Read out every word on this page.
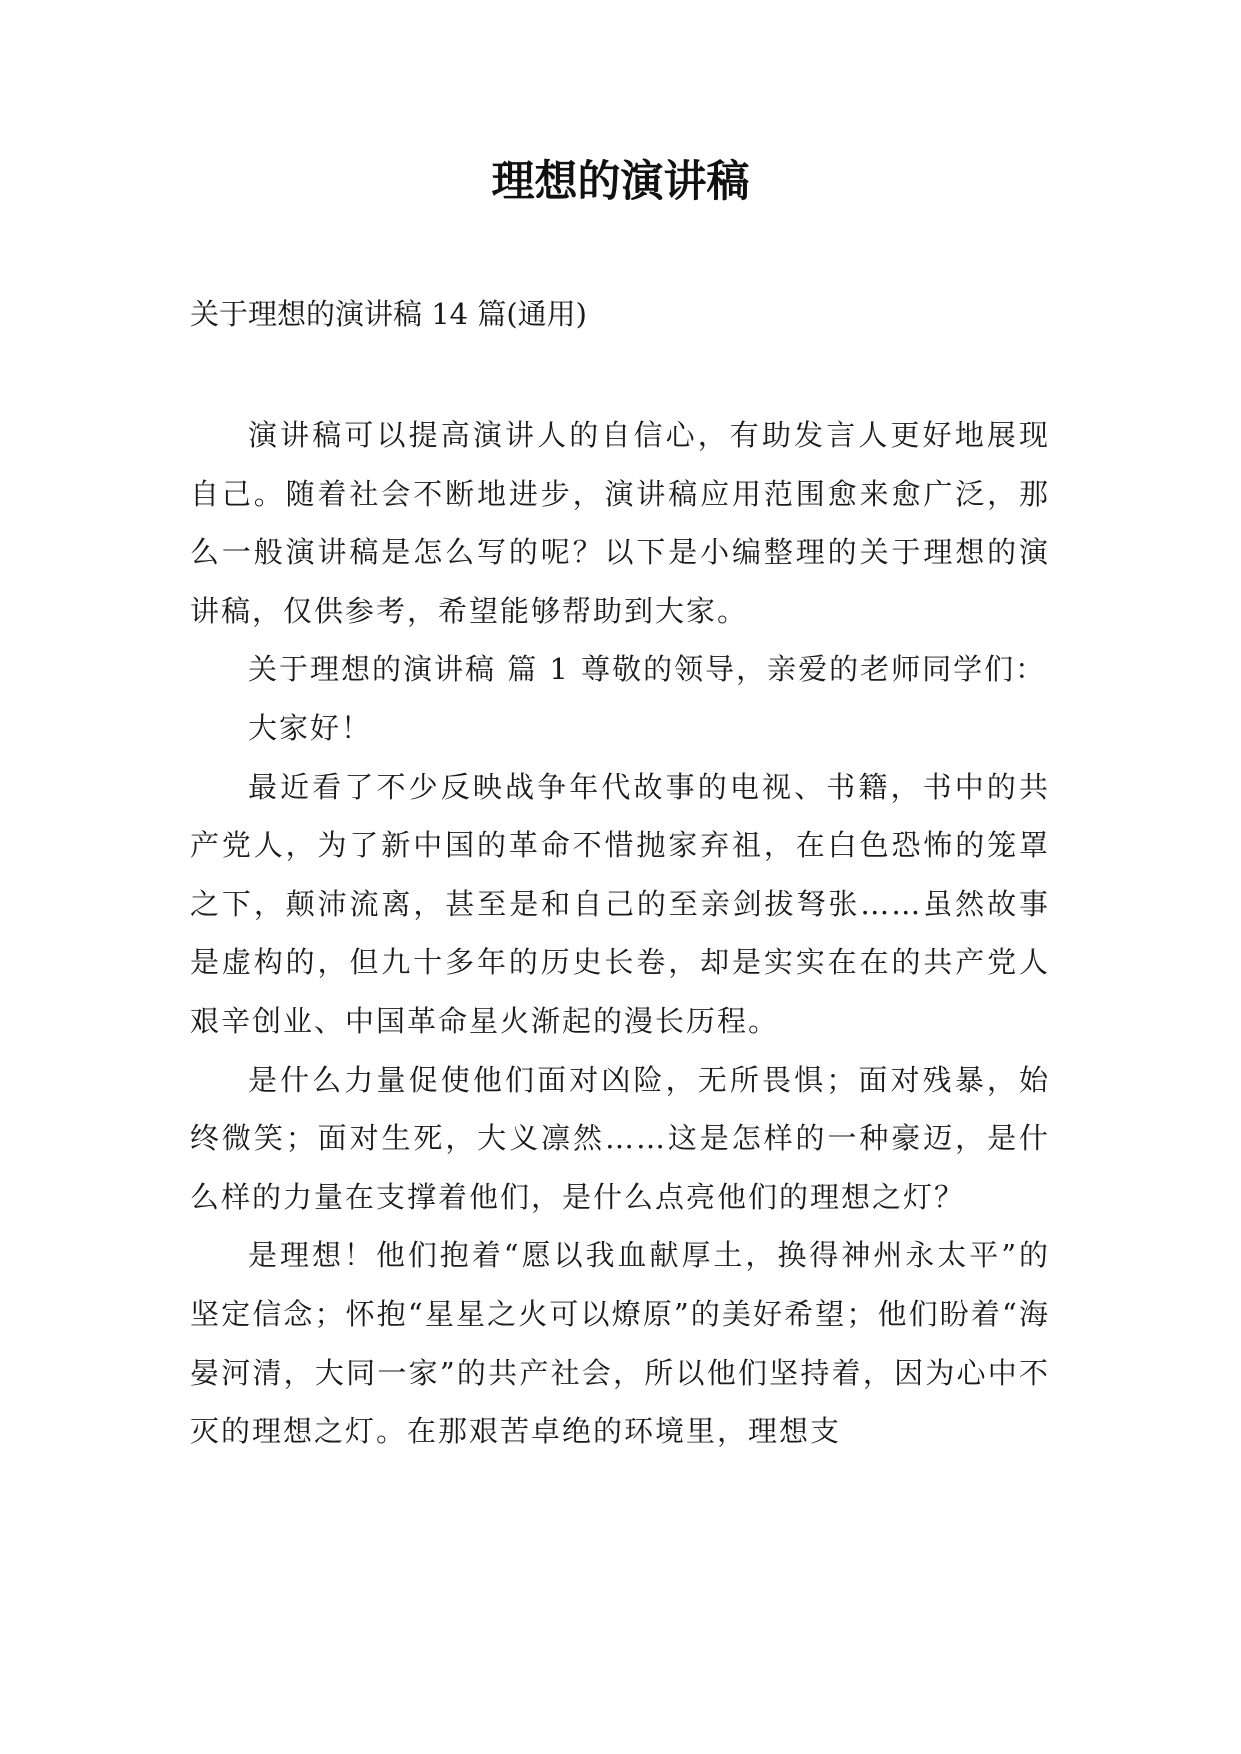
理想的演讲稿

关于理想的演讲稿 14 篇(通用)

演讲稿可以提高演讲人的自信心，有助发言人更好地展现自己。随着社会不断地进步，演讲稿应用范围愈来愈广泛，那么一般演讲稿是怎么写的呢？以下是小编整理的关于理想的演讲稿，仅供参考，希望能够帮助到大家。

关于理想的演讲稿 篇 1 尊敬的领导，亲爱的老师同学们：

大家好！

最近看了不少反映战争年代故事的电视、书籍，书中的共产党人，为了新中国的革命不惜抛家弃祖，在白色恐怖的笼罩之下，颠沛流离，甚至是和自己的至亲剑拔弩张……虽然故事是虚构的，但九十多年的历史长卷，却是实实在在的共产党人艰辛创业、中国革命星火渐起的漫长历程。

是什么力量促使他们面对凶险，无所畏惧；面对残暴，始终微笑；面对生死，大义凛然……这是怎样的一种豪迈，是什么样的力量在支撑着他们，是什么点亮他们的理想之灯？

是理想！他们抱着“愿以我血献厚土，换得神州永太平”的坚定信念；怀抱“星星之火可以燎原”的美好希望；他们盼着“海晏河清，大同一家”的共产社会，所以他们坚持着，因为心中不灭的理想之灯。在那艰苦卓绝的环境里，理想支
